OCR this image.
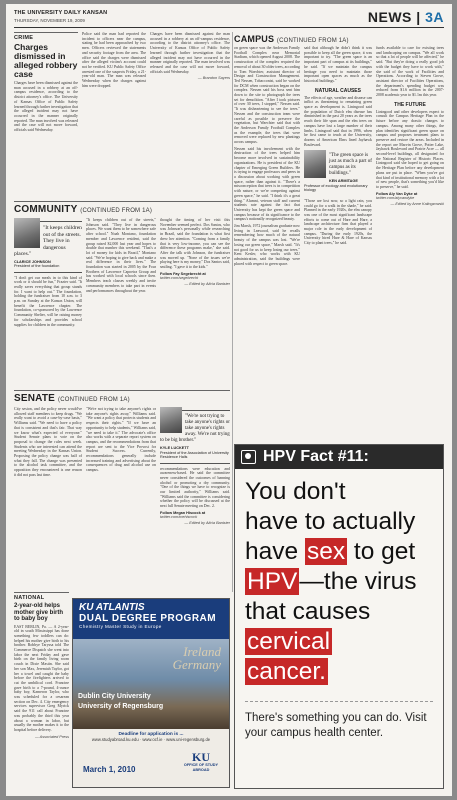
THE UNIVERSITY DAILY KANSAN
THURSDAY, NOVEMBER 19, 2009	NEWS | 3A
CRIME
Charges dismissed in alleged robbery case
Charges have been dismissed against the man accused in a robbery at an off-campus residence, according to the district attorney's office. The University of Kansas Office of Public Safety learned through further investigation that the alleged incident may not have occurred in the manner originally reported. The man involved was released and the case will not move forward, officials said Wednesday.
Police said the man had reported the incident to officers near the campus, stating he had been approached by two men. Officers reviewed the statements and security footage from the area. The office said the charges were dismissed after the alleged victim's account could not be verified. KU Public Safety Office arrested one of the suspects Friday, a 21-year-old man. The man was released Wednesday when the charges against him were dropped.
Charges have been dismissed against the man accused in a robbery at an off-campus residence, according to the district attorney's office. The University of Kansas Office of Public Safety learned through further investigation that the alleged incident may not have occurred in the manner originally reported. The man involved was released and the case will not move forward, officials said Wednesday.
— Brandon Sayers
COMMUNITY (CONTINUED FROM 1A)
"It keeps children out of the streets. They live in dangerous places."
CLARICE JOHNSON
President of the foundation
"I don't get our meals in to this kind of work or it should be fun," Frazier said. "It really saves everything that group stands for. I want to help out." The foundation, holding the fundraiser from 10 a.m. to 3 p.m. on Sunday at the Kansas Union, will benefit the Lawrence chapter. The foundation, co-sponsored by the Lawrence Community Shelter, will be raising money for scholarships and provides school supplies for children in the community.
"It keeps children out of the streets," Johnson said. "They live in dangerous places. We want them to be somewhere safe after school." Noah Montano, foundation member and Lawrence resident, said the group raised $2,000 last year and hopes to double that number this weekend. "That's a lot of money for kids in Brazil," Montano said. "We're hoping to give back and make a real difference in their lives." The foundation was started in 2005 by the Four Brothers of Lawrence Capoeira Group and has worked with local schools since then. Members teach classes weekly and invite community members to take part in events and performances throughout the year.
thought the timing of her visit this November seemed perfect. Dos Santos, who was Johnson's personally while researching in Brazil, said the foundation is what first drew her attention. "Coming from a family that is very low-income, you can see the difference these programs make," she said. After the talk with Johnson, the fundraiser was moved up. "None of the issues we're playing here is my money," Dos Santos said, smiling. "I gave it to the kids."
Follow Fay Segebrecht at twitter.com/segebrecht
— Edited by Alicia Banister
SENATE (CONTINUED FROM 1A)
City sesion, and the policy never would've allowed staff members to keep drugs. "We really want to avoid a case-by-case basis," Williams said. "We need to have a policy that is consistent and that's fair. That way we know what's expected of everyone." Student Senate plans to vote on the proposal to change the rules next week. Students who are interested can attend the meeting Wednesday in the Kansas Union. Proposing the policy change was half of what they fall. The change was presented to the alcohol task committee, and the opposition they encountered is one reason it did not pass last time.
"We're not trying to take anyone's rights or take anyone's rights away," Williams said. "We want a policy that protects students and respects their rights." "If we have an opportunity to help students," Williams said, "we need to take it." The advocate's office also works with a separate report system on campus, and the recommendations from that report are sent to the Vice Provost for Student Success. Currently, recommendations generally include increased training and advertising about the consequences of drug and alcohol use on campus.
"We're not trying to take anyone's rights or take anyone's rights away. We're not trying to be big brother."
KYLE LUCKETT
President of the Association of University Residence Halls
recommendations were education and awareness-based. He said the committee never considered the outcomes of banning alcohol or promoting a dry community. "One of the things we have to recognize is our limited authority," Williams said. "Williams said the committee is considering whether the policy will be discussed at the next full Senate meeting on Dec. 2.
Follow Megan Hiscock at twitter.com/mehiscock
— Edited by Alicia Banister
CAMPUS (CONTINUED FROM 1A)
on green space was the Anderson Family Football Complex near Memorial Stadium, which opened August 2008. The construction of the complex required the removal of about 30 older trees, according to Tom Waechter, assistant director of Design and Construction Management. Ted Nessen, Tobacconist, said he worked for DCM when construction began on the complex. Nessen said his boss sent him down to the site to photograph the trees set for demolition. "After I took pictures of over 30 trees, I stopped," Nessen said. "It was disheartening to see the trees." Nessen and the construction team were careful as possible to preserve the vegetation, but Waechter said that with the Anderson Family Football Complex as the example, the trees that were removed were replaced by new plantings across campus.
Nessen said his involvement with the destruction of the trees helped him become more involved in sustainability organizations. He is president of the KU chapter of Emerging Green Builders. He is trying to engage professors and peers in a discussion about working with green space, rather than against it. "There's a misconception that trees is in competition with nature, or we're competing against green space," he said. "I think it's a great thing." Alumni, veteran staff and current students rate against the fact that University has kept the green space and campus because of its significance to the campus's nationally recognized beauty.
Jim Marsh, 1972 journalism graduate now living in Leawood, said he recalls remembering how much of the natural beauty of the campus was lost. "We're losing our green space," Marsh said. "It's not good for us to keep losing our trees." Kent Kesler, who works with KU administration, said the buildings were placed with respect to green space.
said that although he didn't think it was possible to keep all the green space, it was important to try. "The green space is an important part of campus at its buildings," he said. "If we maintain the campus heritage you need to maintain those important open spaces as much as the historical buildings."
NATURAL CAUSES
The effects of age, weather and disease can inflict as threatening to remaining green space as development is. Liningood said the population of Dutch elm disease has diminished in the past 20 years as the trees reach their life span and the elm trees on campus have lost a large number of their limbs. Liningood said that in 1996, when he first came to teach at the University, dozens of American Elms lined Jayhawk Boulevard.
"The green space is just as much a part of campus as its buildings."
KEN ARMITAGE
Professor of ecology and evolutionary biology
"Those are lost now, so a light rain, you could go for a walk in the shade," he said. Planned in the early 1920s, the elm canopy was one of the most significant landscape efforts to come out of Hare and Hare, a landscape architecture firm that played a major role in the early development of campus. "During the early 1920s, the University hired Hare & Hare of Kansas City to plant trees," he said.
funds available to care for existing trees and landscaping on campus. "We all work so that a lot of people will be affected," he said. "But they're doing a really good job with the budget they have to work with," she said of the work of Facilities and Operations. According to Steven Grove, assistant director of Facilities Operations, the department's spending budget was reduced from $1.6 million in the 2007-2008 academic year to $1.1m this year.
THE FUTURE
Liningood and other developers expect to consult the Campus Heritage Plan in the future before any drastic changes to campus. Among many other things, the plan identifies significant green space on campus and proposes treatment plans to preserve and restore the areas. Included in the report are Marvin Grove, Potter Lake, Jayhawk Boulevard and Prairie Acre — all second-level buildings, all designated for the National Register of Historic Places. Liningood said she hoped to get going on the Heritage Plan before any development plans are put in place. "When you've got that kind of institutional memory with a lot of new people, that's something you'd like to preserve," he said.
Follow Aly Van Dyke at twitter.com/alyvandyke
— Edited by Anne Kalingzowski
HPV Fact #11:
You don't
have to actually
have sex to get
HPV—the virus
that causes
cervical
cancer.
There's something you can do. Visit your campus health center.
KU ATLANTIS
DUAL DEGREE PROGRAM
Chemistry Master Study in Europe
Ireland
Germany
Dublin City University
University of Regensburg
Deadline for application is ...
www.studyabroad.ku.edu · www.ocf.ie · www.uni-regensburg.de
March 1, 2010
KU
OFFICE OF STUDY ABROAD
NATIONAL
2-year-old helps mother give birth to baby boy
EAST BERLIN, Pa. — A 2-year-old in south Mississippi has done something few toddlers can do: helped his mother give birth to his brother. Robbye Taryssa told The Commerce Dispatch she went into labor the next Friday and gave birth on the family living room couch in Dixie Mastin. She said her son Max, Jeremiah Taylor, got her a towel and caught the baby before the firefighters arrived to cut the umbilical cord. Francine gave birth to a 7-pound, 4-ounce baby boy, Kameron Taylor, who was scheduled for a cesarean section on Dec. 4. City emergency services supervisor Greg Myrick said the 911 call about Francine was probably the third this year about a woman in labor, but usually the mother makes it to the hospital before delivery.
— Associated Press
